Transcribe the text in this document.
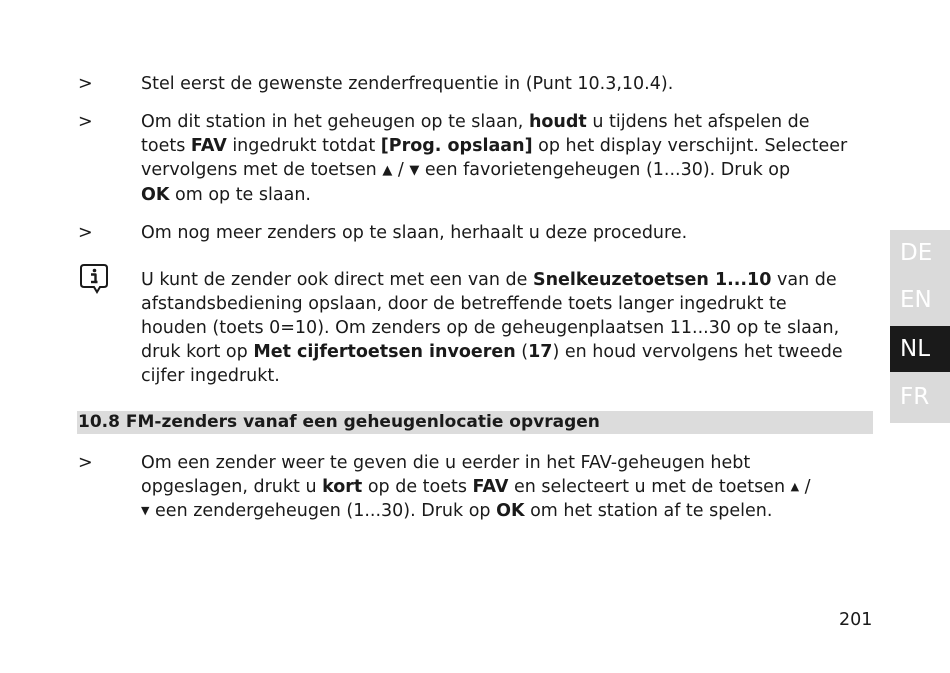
>	Stel eerst de gewenste zenderfrequentie in (Punt 10.3,10.4).
>	Om dit station in het geheugen op te slaan, houdt u tijdens het afspelen de
toets FAV ingedrukt totdat [Prog. opslaan] op het display verschijnt. Selecteer
vervolgens met de toetsen ▲ / ▼ een favorietengeheugen (1...30). Druk op
OK om op te slaan.
>	Om nog meer zenders op te slaan, herhaalt u deze procedure.
U kunt de zender ook direct met een van de Snelkeuzetoetsen 1...10 van de
afstandsbediening opslaan, door de betreffende toets langer ingedrukt te
houden (toets 0=10). Om zenders op de geheugenplaatsen 11...30 op te slaan,
druk kort op Met cijfertoetsen invoeren (17) en houd vervolgens het tweede
cijfer ingedrukt.
10.8 FM-zenders vanaf een geheugenlocatie opvragen
>	Om een zender weer te geven die u eerder in het FAV-geheugen hebt
opgeslagen, drukt u kort op de toets FAV en selecteert u met de toetsen ▲ /
▼ een zendergeheugen (1...30). Druk op OK om het station af te spelen.
201
DE
EN
NL
FR
